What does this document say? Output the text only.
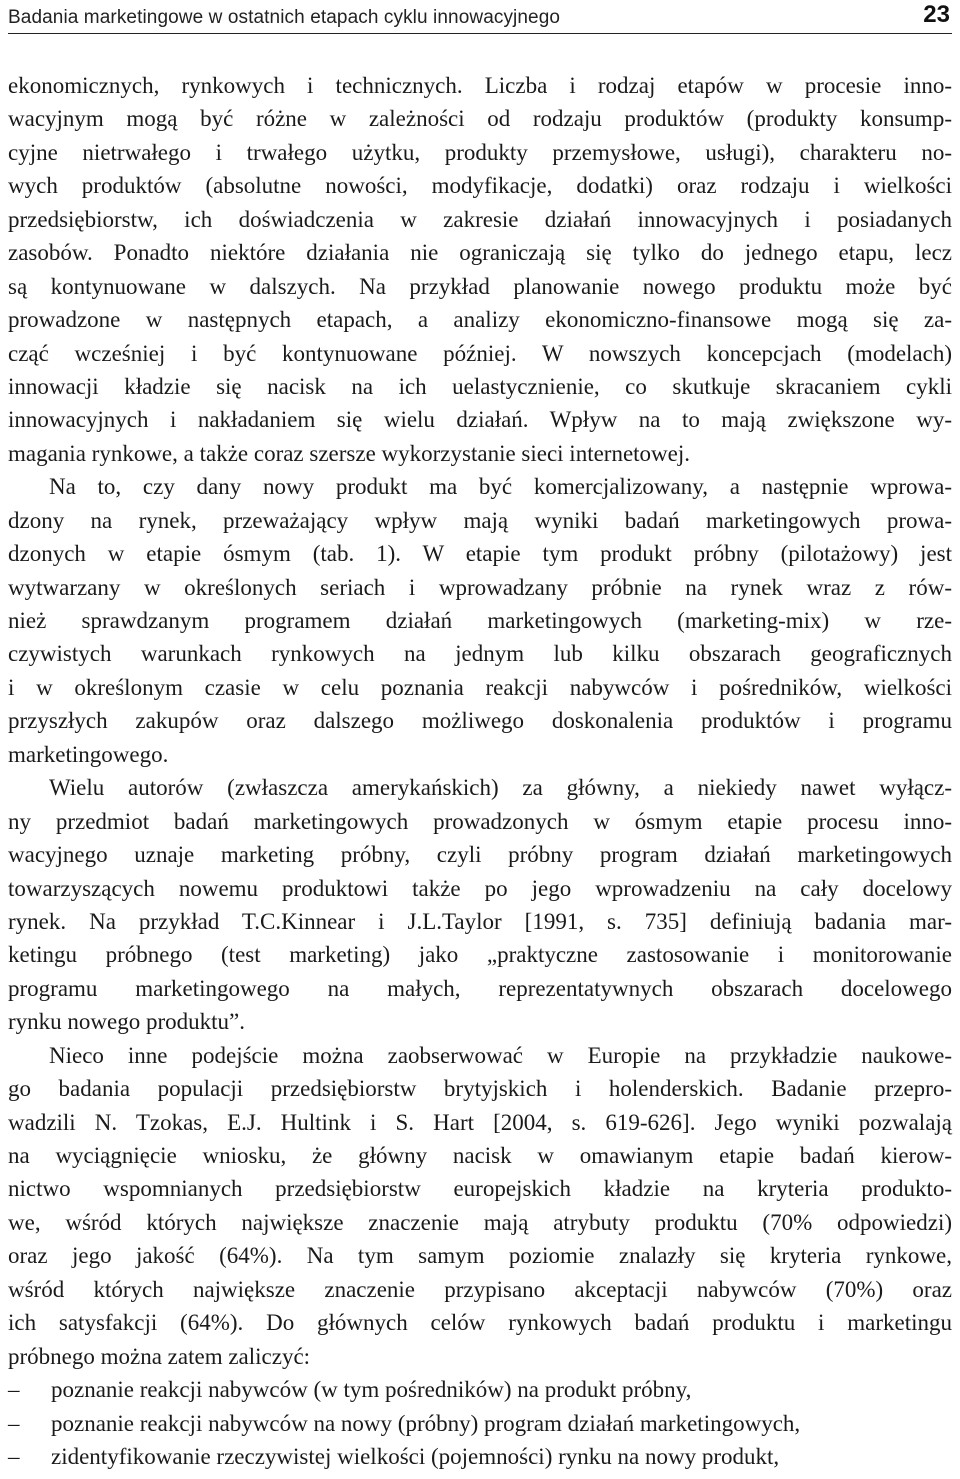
Badania marketingowe w ostatnich etapach cyklu innowacyjnego	23
ekonomicznych, rynkowych i technicznych. Liczba i rodzaj etapów w procesie inno-
wacyjnym mogą być różne w zależności od rodzaju produktów (produkty konsump-
cyjne nietrwałego i trwałego użytku, produkty przemysłowe, usługi), charakteru no-
wych produktów (absolutne nowości, modyfikacje, dodatki) oraz rodzaju i wielkości
przedsiębiorstw, ich doświadczenia w zakresie działań innowacyjnych i posiadanych
zasobów. Ponadto niektóre działania nie ograniczają się tylko do jednego etapu, lecz
są kontynuowane w dalszych. Na przykład planowanie nowego produktu może być
prowadzone w następnych etapach, a analizy ekonomiczno-finansowe mogą się za-
cząć wcześniej i być kontynuowane później. W nowszych koncepcjach (modelach)
innowacji kładzie się nacisk na ich uelastycznienie, co skutkuje skracaniem cykli
innowacyjnych i nakładaniem się wielu działań. Wpływ na to mają zwiększone wy-
magania rynkowe, a także coraz szersze wykorzystanie sieci internetowej.
Na to, czy dany nowy produkt ma być komercjalizowany, a następnie wprowa-
dzony na rynek, przeważający wpływ mają wyniki badań marketingowych prowa-
dzonych w etapie ósmym (tab. 1). W etapie tym produkt próbny (pilotażowy) jest
wytwarzany w określonych seriach i wprowadzany próbnie na rynek wraz z rów-
nież sprawdzanym programem działań marketingowych (marketing-mix) w rze-
czywistych warunkach rynkowych na jednym lub kilku obszarach geograficznych
i w określonym czasie w celu poznania reakcji nabywców i pośredników, wielkości
przyszłych zakupów oraz dalszego możliwego doskonalenia produktów i programu
marketingowego.
Wielu autorów (zwłaszcza amerykańskich) za główny, a niekiedy nawet wyłącz-
ny przedmiot badań marketingowych prowadzonych w ósmym etapie procesu inno-
wacyjnego uznaje marketing próbny, czyli próbny program działań marketingowych
towarzyszących nowemu produktowi także po jego wprowadzeniu na cały docelowy
rynek. Na przykład T.C.Kinnear i J.L.Taylor [1991, s. 735] definiują badania mar-
ketingu próbnego (test marketing) jako „praktyczne zastosowanie i monitorowanie
programu marketingowego na małych, reprezentatywnych obszarach docelowego
rynku nowego produktu”.
Nieco inne podejście można zaobserwować w Europie na przykładzie naukowe-
go badania populacji przedsiębiorstw brytyjskich i holenderskich. Badanie przepro-
wadzili N. Tzokas, E.J. Hultink i S. Hart [2004, s. 619-626]. Jego wyniki pozwalają
na wyciągnięcie wniosku, że główny nacisk w omawianym etapie badań kierow-
nictwo wspomnianych przedsiębiorstw europejskich kładzie na kryteria produkto-
we, wśród których największe znaczenie mają atrybuty produktu (70% odpowiedzi)
oraz jego jakość (64%). Na tym samym poziomie znalazły się kryteria rynkowe,
wśród których największe znaczenie przypisano akceptacji nabywców (70%) oraz
ich satysfakcji (64%). Do głównych celów rynkowych badań produktu i marketingu
próbnego można zatem zaliczyć:
–	poznanie reakcji nabywców (w tym pośredników) na produkt próbny,
–	poznanie reakcji nabywców na nowy (próbny) program działań marketingowych,
–	zidentyfikowanie rzeczywistej wielkości (pojemności) rynku na nowy produkt,
